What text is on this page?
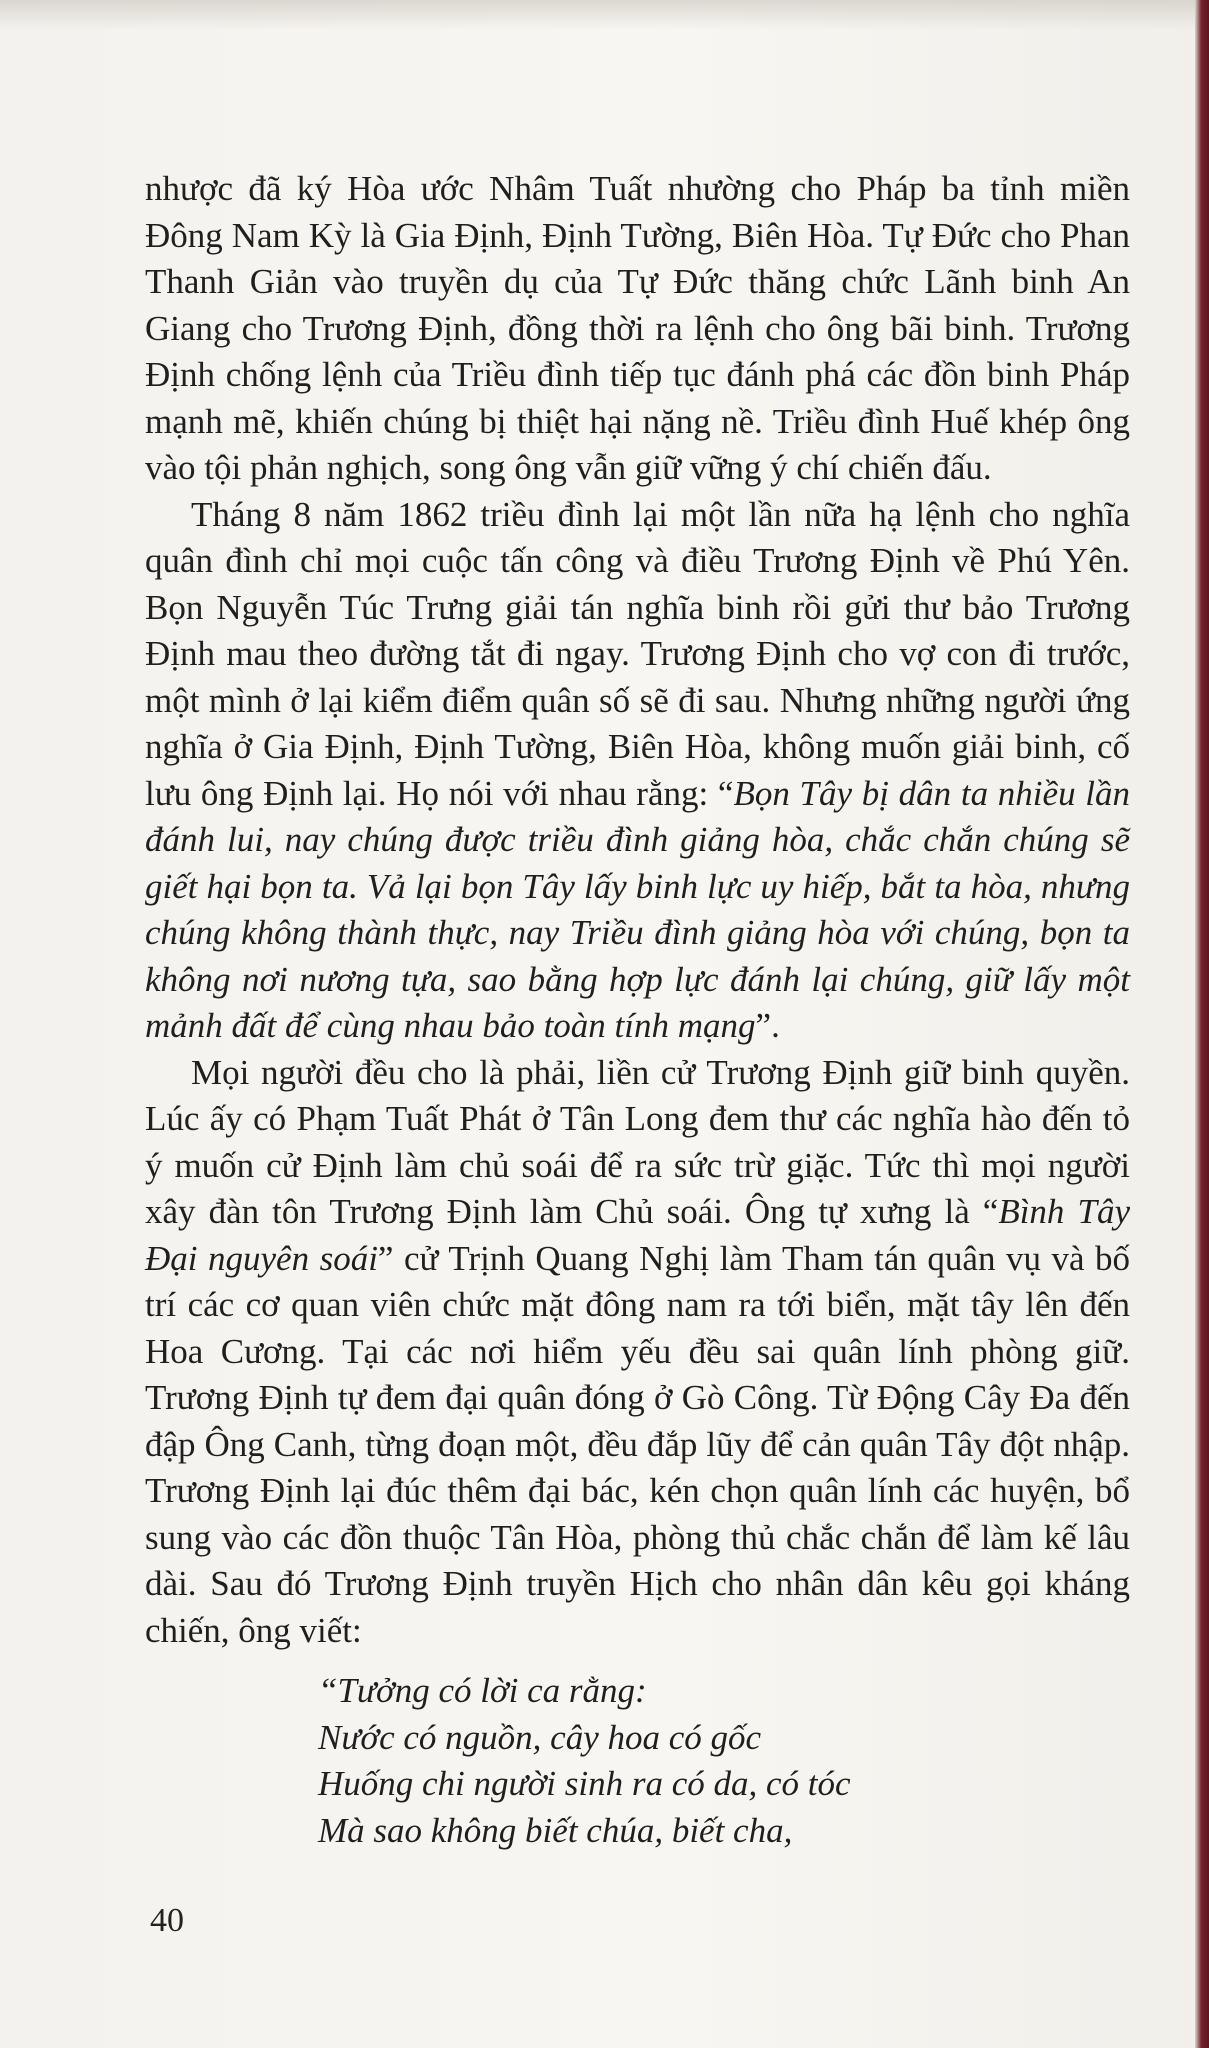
nhược đã ký Hòa ước Nhâm Tuất nhường cho Pháp ba tỉnh miền Đông Nam Kỳ là Gia Định, Định Tường, Biên Hòa. Tự Đức cho Phan Thanh Giản vào truyền dụ của Tự Đức thăng chức Lãnh binh An Giang cho Trương Định, đồng thời ra lệnh cho ông bãi binh. Trương Định chống lệnh của Triều đình tiếp tục đánh phá các đồn binh Pháp mạnh mẽ, khiến chúng bị thiệt hại nặng nề. Triều đình Huế khép ông vào tội phản nghịch, song ông vẫn giữ vững ý chí chiến đấu.

Tháng 8 năm 1862 triều đình lại một lần nữa hạ lệnh cho nghĩa quân đình chỉ mọi cuộc tấn công và điều Trương Định về Phú Yên. Bọn Nguyễn Túc Trưng giải tán nghĩa binh rồi gửi thư bảo Trương Định mau theo đường tắt đi ngay. Trương Định cho vợ con đi trước, một mình ở lại kiểm điểm quân số sẽ đi sau. Nhưng những người ứng nghĩa ở Gia Định, Định Tường, Biên Hòa, không muốn giải binh, cố lưu ông Định lại. Họ nói với nhau rằng: “Bọn Tây bị dân ta nhiều lần đánh lui, nay chúng được triều đình giảng hòa, chắc chắn chúng sẽ giết hại bọn ta. Vả lại bọn Tây lấy binh lực uy hiếp, bắt ta hòa, nhưng chúng không thành thực, nay Triều đình giảng hòa với chúng, bọn ta không nơi nương tựa, sao bằng hợp lực đánh lại chúng, giữ lấy một mảnh đất để cùng nhau bảo toàn tính mạng”.

Mọi người đều cho là phải, liền cử Trương Định giữ binh quyền. Lúc ấy có Phạm Tuất Phát ở Tân Long đem thư các nghĩa hào đến tỏ ý muốn cử Định làm chủ soái để ra sức trừ giặc. Tức thì mọi người xây đàn tôn Trương Định làm Chủ soái. Ông tự xưng là “Bình Tây Đại nguyên soái” cử Trịnh Quang Nghị làm Tham tán quân vụ và bố trí các cơ quan viên chức mặt đông nam ra tới biển, mặt tây lên đến Hoa Cương. Tại các nơi hiểm yếu đều sai quân lính phòng giữ. Trương Định tự đem đại quân đóng ở Gò Công. Từ Động Cây Đa đến đập Ông Canh, từng đoạn một, đều đắp lũy để cản quân Tây đột nhập. Trương Định lại đúc thêm đại bác, kén chọn quân lính các huyện, bổ sung vào các đồn thuộc Tân Hòa, phòng thủ chắc chắn để làm kế lâu dài. Sau đó Trương Định truyền Hịch cho nhân dân kêu gọi kháng chiến, ông viết:

“Tưởng có lời ca rằng:
Nước có nguồn, cây hoa có gốc
Huống chi người sinh ra có da, có tóc
Mà sao không biết chúa, biết cha,
40
